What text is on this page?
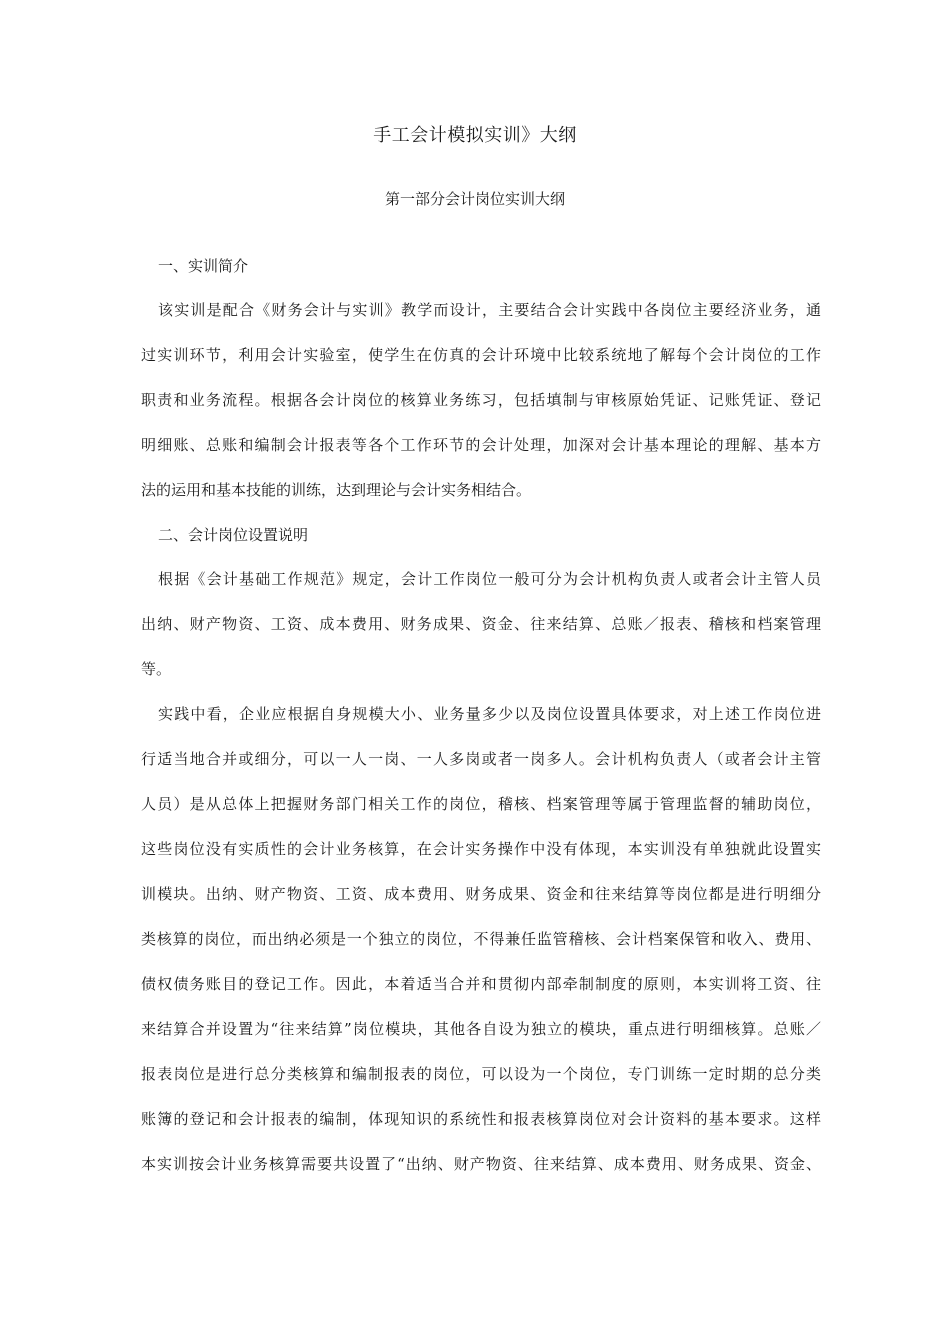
手工会计模拟实训》大纲
第一部分会计岗位实训大纲
一、实训简介
该实训是配合《财务会计与实训》教学而设计，主要结合会计实践中各岗位主要经济业务，通
过实训环节，利用会计实验室，使学生在仿真的会计环境中比较系统地了解每个会计岗位的工作
职责和业务流程。根据各会计岗位的核算业务练习，包括填制与审核原始凭证、记账凭证、登记
明细账、总账和编制会计报表等各个工作环节的会计处理，加深对会计基本理论的理解、基本方
法的运用和基本技能的训练，达到理论与会计实务相结合。
二、会计岗位设置说明
根据《会计基础工作规范》规定，会计工作岗位一般可分为会计机构负责人或者会计主管人员
出纳、财产物资、工资、成本费用、财务成果、资金、往来结算、总账／报表、稽核和档案管理
等。
实践中看，企业应根据自身规模大小、业务量多少以及岗位设置具体要求，对上述工作岗位进
行适当地合并或细分，可以一人一岗、一人多岗或者一岗多人。会计机构负责人（或者会计主管
人员）是从总体上把握财务部门相关工作的岗位，稽核、档案管理等属于管理监督的辅助岗位，
这些岗位没有实质性的会计业务核算，在会计实务操作中没有体现，本实训没有单独就此设置实
训模块。出纳、财产物资、工资、成本费用、财务成果、资金和往来结算等岗位都是进行明细分
类核算的岗位，而出纳必须是一个独立的岗位，不得兼任监管稽核、会计档案保管和收入、费用、
债权债务账目的登记工作。因此，本着适当合并和贯彻内部牵制制度的原则，本实训将工资、往
来结算合并设置为“往来结算”岗位模块，其他各自设为独立的模块，重点进行明细核算。总账／
报表岗位是进行总分类核算和编制报表的岗位，可以设为一个岗位，专门训练一定时期的总分类
账簿的登记和会计报表的编制，体现知识的系统性和报表核算岗位对会计资料的基本要求。这样
本实训按会计业务核算需要共设置了“出纳、财产物资、往来结算、成本费用、财务成果、资金、
